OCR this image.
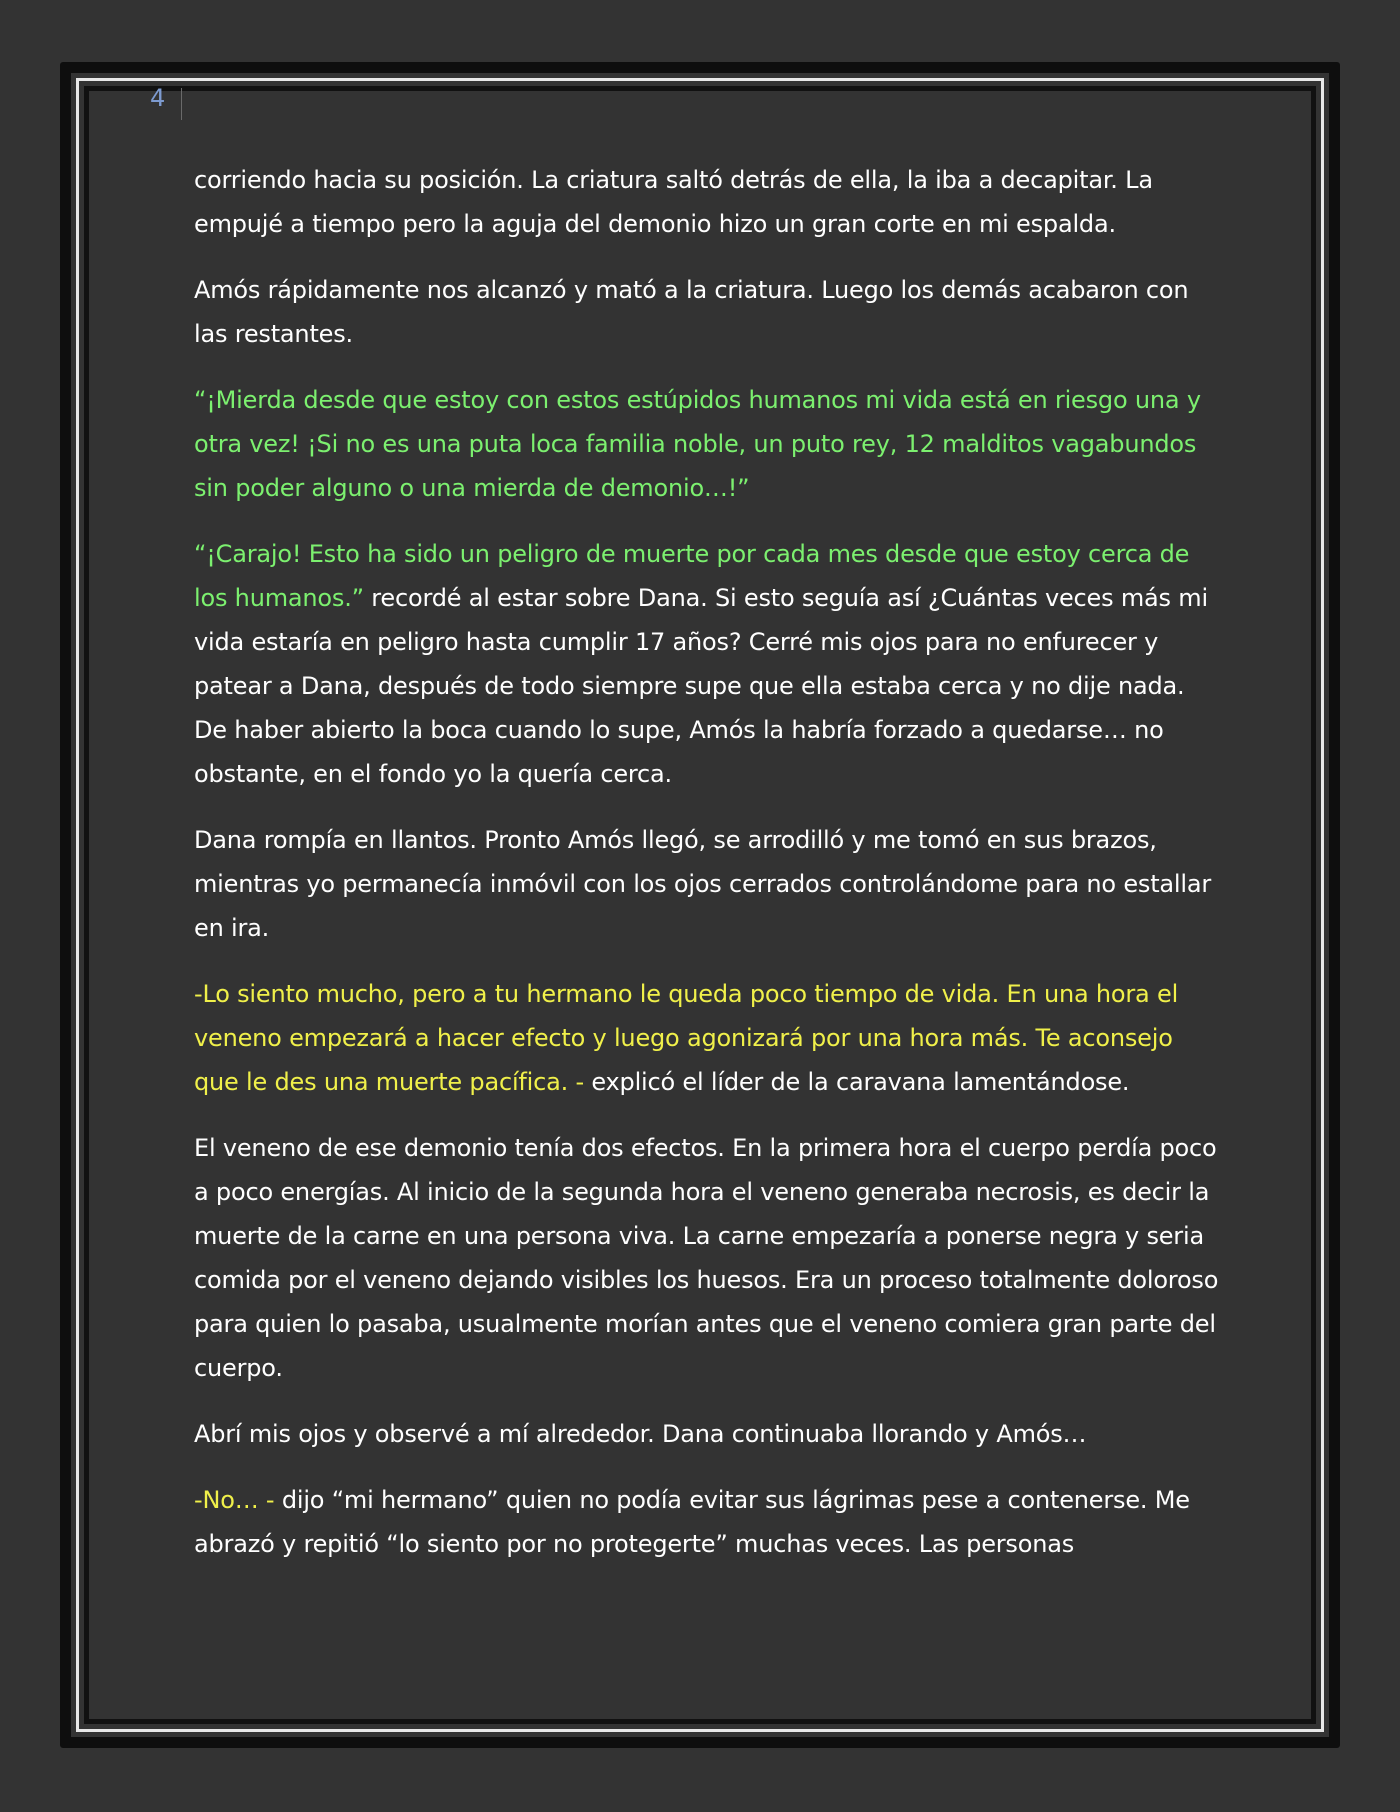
4

corriendo hacia su posición. La criatura saltó detrás de ella, la iba a decapitar. La empujé a tiempo pero la aguja del demonio hizo un gran corte en mi espalda.

Amós rápidamente nos alcanzó y mató a la criatura. Luego los demás acabaron con las restantes.

“¡Mierda desde que estoy con estos estúpidos humanos mi vida está en riesgo una y otra vez! ¡Si no es una puta loca familia noble, un puto rey, 12 malditos vagabundos sin poder alguno o una mierda de demonio…!”

“¡Carajo! Esto ha sido un peligro de muerte por cada mes desde que estoy cerca de los humanos.” recordé al estar sobre Dana. Si esto seguía así ¿Cuántas veces más mi vida estaría en peligro hasta cumplir 17 años? Cerré mis ojos para no enfurecer y patear a Dana, después de todo siempre supe que ella estaba cerca y no dije nada. De haber abierto la boca cuando lo supe, Amós la habría forzado a quedarse… no obstante, en el fondo yo la quería cerca.

Dana rompía en llantos. Pronto Amós llegó, se arrodilló y me tomó en sus brazos, mientras yo permanecía inmóvil con los ojos cerrados controlándome para no estallar en ira.

-Lo siento mucho, pero a tu hermano le queda poco tiempo de vida. En una hora el veneno empezará a hacer efecto y luego agonizará por una hora más. Te aconsejo que le des una muerte pacífica. - explicó el líder de la caravana lamentándose.

El veneno de ese demonio tenía dos efectos. En la primera hora el cuerpo perdía poco a poco energías. Al inicio de la segunda hora el veneno generaba necrosis, es decir la muerte de la carne en una persona viva. La carne empezaría a ponerse negra y seria comida por el veneno dejando visibles los huesos. Era un proceso totalmente doloroso para quien lo pasaba, usualmente morían antes que el veneno comiera gran parte del cuerpo.

Abrí mis ojos y observé a mí alrededor. Dana continuaba llorando y Amós…

-No… - dijo “mi hermano” quien no podía evitar sus lágrimas pese a contenerse. Me abrazó y repitió “lo siento por no protegerte” muchas veces. Las personas
